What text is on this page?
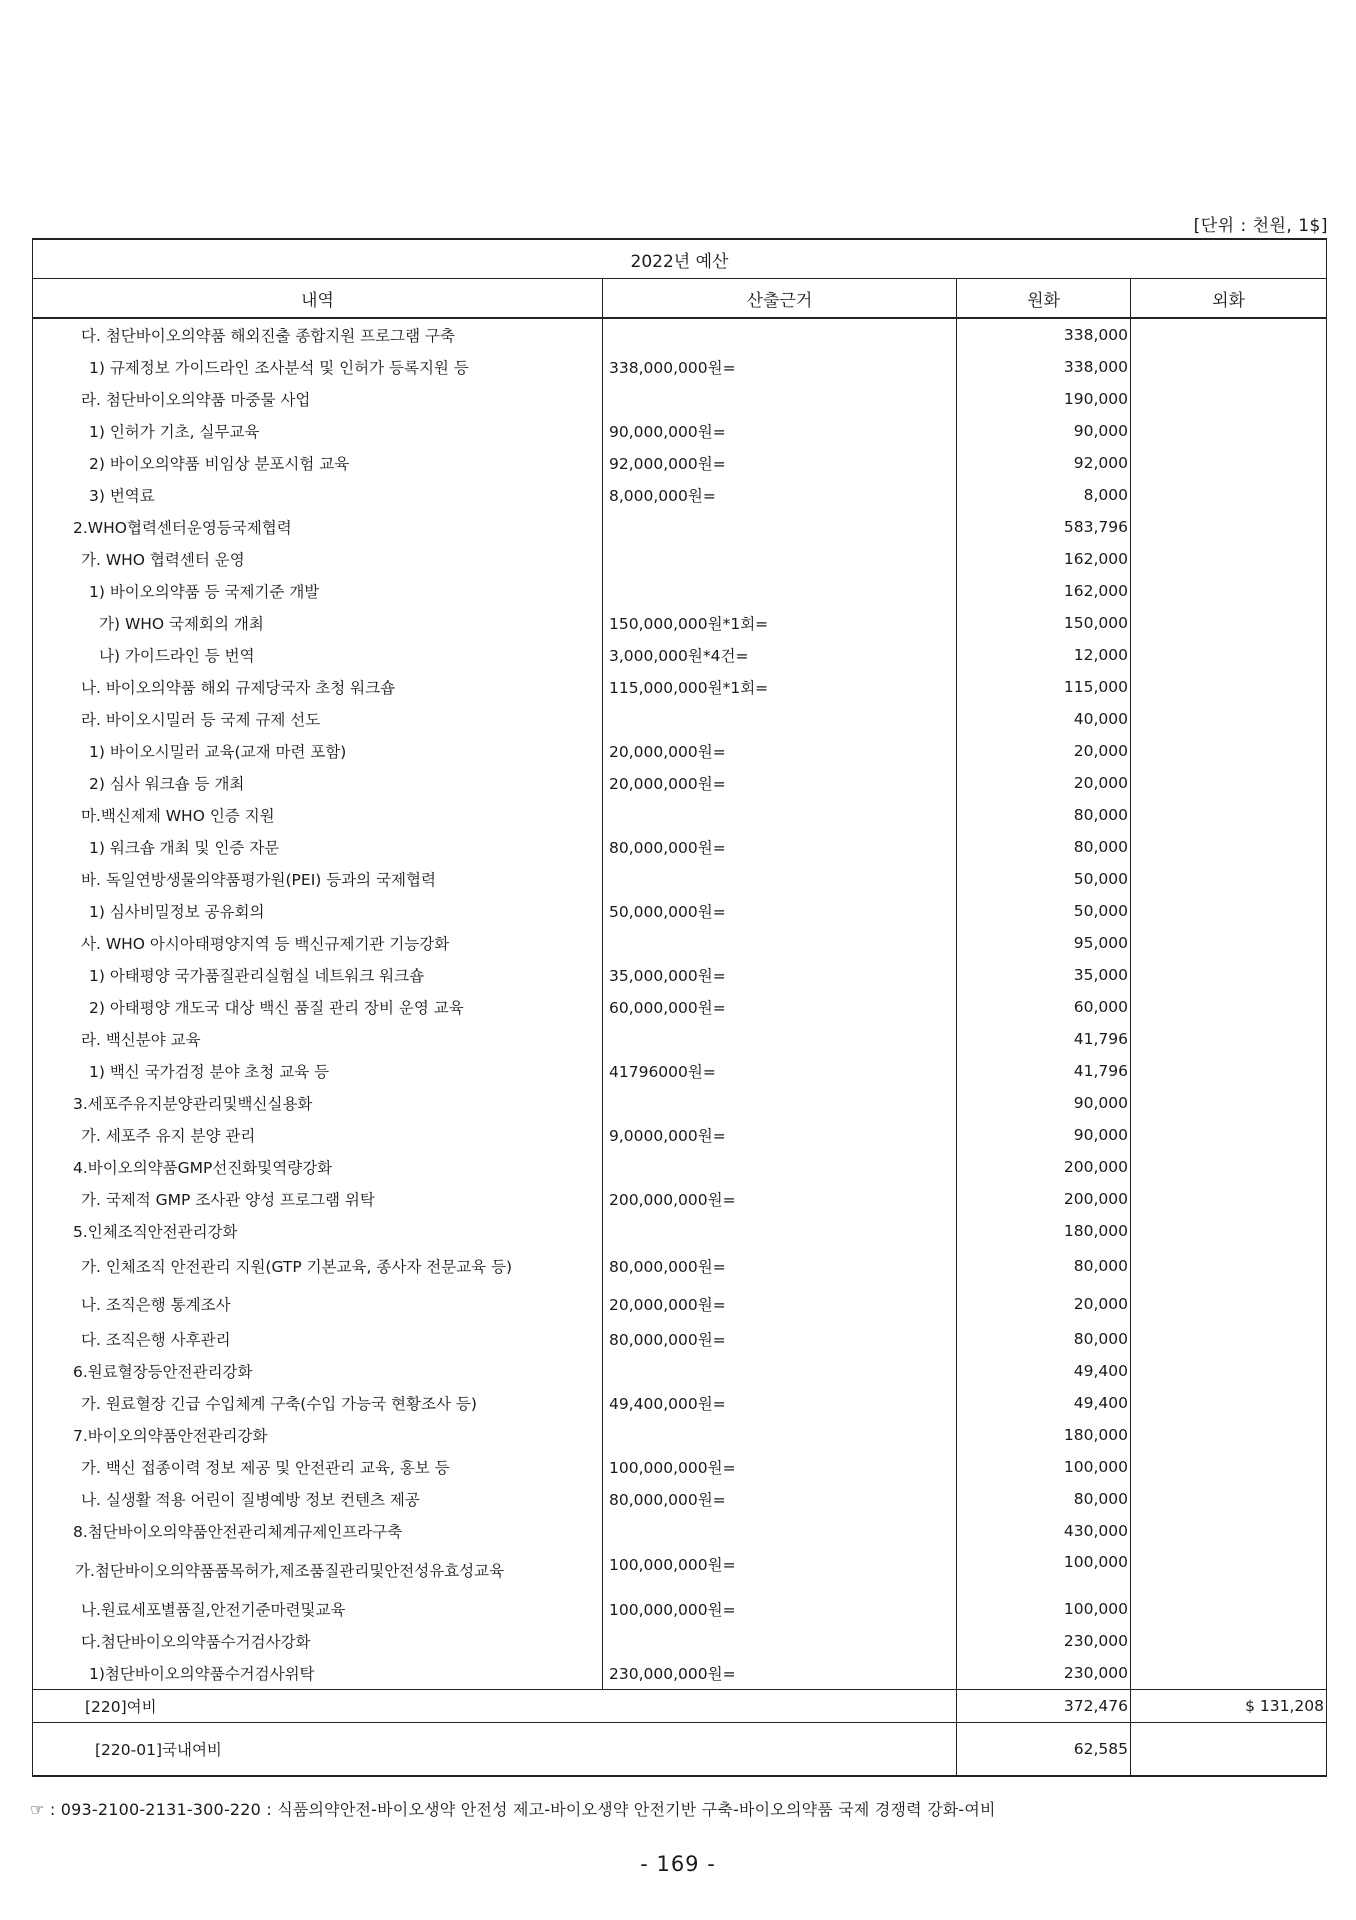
[단위 : 천원, 1$]
2022년 예산			
내역	산출근거	원화	외화
다. 첨단바이오의약품 해외진출 종합지원 프로그램 구축		338,000	
1) 규제정보 가이드라인 조사분석 및 인허가 등록지원 등	338,000,000원=	338,000	
라. 첨단바이오의약품 마중물 사업		190,000	
1) 인허가 기초, 실무교육	90,000,000원=	90,000	
2) 바이오의약품 비임상 분포시험 교육	92,000,000원=	92,000	
3) 번역료	8,000,000원=	8,000	
2.WHO협력센터운영등국제협력		583,796	
가. WHO 협력센터 운영		162,000	
1) 바이오의약품 등 국제기준 개발		162,000	
가) WHO 국제회의 개최	150,000,000원*1회=	150,000	
나) 가이드라인 등 번역	3,000,000원*4건=	12,000	
나. 바이오의약품 해외 규제당국자 초청 워크숍	115,000,000원*1회=	115,000	
라. 바이오시밀러 등 국제 규제 선도		40,000	
1) 바이오시밀러 교육(교재 마련 포함)	20,000,000원=	20,000	
2) 심사 워크숍 등 개최	20,000,000원=	20,000	
마.백신제제 WHO 인증 지원		80,000	
1) 워크숍 개최 및 인증 자문	80,000,000원=	80,000	
바. 독일연방생물의약품평가원(PEI) 등과의 국제협력		50,000	
1) 심사비밀정보 공유회의	50,000,000원=	50,000	
사. WHO 아시아태평양지역 등 백신규제기관 기능강화		95,000	
1) 아태평양 국가품질관리실험실 네트워크 워크숍	35,000,000원=	35,000	
2) 아태평양 개도국 대상 백신 품질 관리 장비 운영 교육	60,000,000원=	60,000	
라. 백신분야 교육		41,796	
1) 백신 국가검정 분야 초청 교육 등	41796000원=	41,796	
3.세포주유지분양관리및백신실용화		90,000	
가. 세포주 유지 분양 관리	9,0000,000원=	90,000	
4.바이오의약품GMP선진화및역량강화		200,000	
가. 국제적 GMP 조사관 양성 프로그램 위탁	200,000,000원=	200,000	
5.인체조직안전관리강화		180,000	
가. 인체조직 안전관리 지원(GTP 기본교육, 종사자 전문교육 등)	80,000,000원=	80,000	
나. 조직은행 통계조사	20,000,000원=	20,000	
다. 조직은행 사후관리	80,000,000원=	80,000	
6.원료혈장등안전관리강화		49,400	
가. 원료혈장 긴급 수입체계 구축(수입 가능국 현황조사 등)	49,400,000원=	49,400	
7.바이오의약품안전관리강화		180,000	
가. 백신 접종이력 정보 제공 및 안전관리 교육, 홍보 등	100,000,000원=	100,000	
나. 실생활 적용 어린이 질병예방 정보 컨텐츠 제공	80,000,000원=	80,000	
8.첨단바이오의약품안전관리체계규제인프라구축		430,000	
가.첨단바이오의약품품목허가,제조품질관리및안전성유효성교육	100,000,000원=	100,000	
나.원료세포별품질,안전기준마련및교육	100,000,000원=	100,000	
다.첨단바이오의약품수거검사강화		230,000	
1)첨단바이오의약품수거검사위탁	230,000,000원=	230,000	
[220]여비		372,476	$ 131,208
[220-01]국내여비		62,585	
☞ : 093-2100-2131-300-220 : 식품의약안전-바이오생약 안전성 제고-바이오생약 안전기반 구축-바이오의약품 국제 경쟁력 강화-여비
- 169 -
